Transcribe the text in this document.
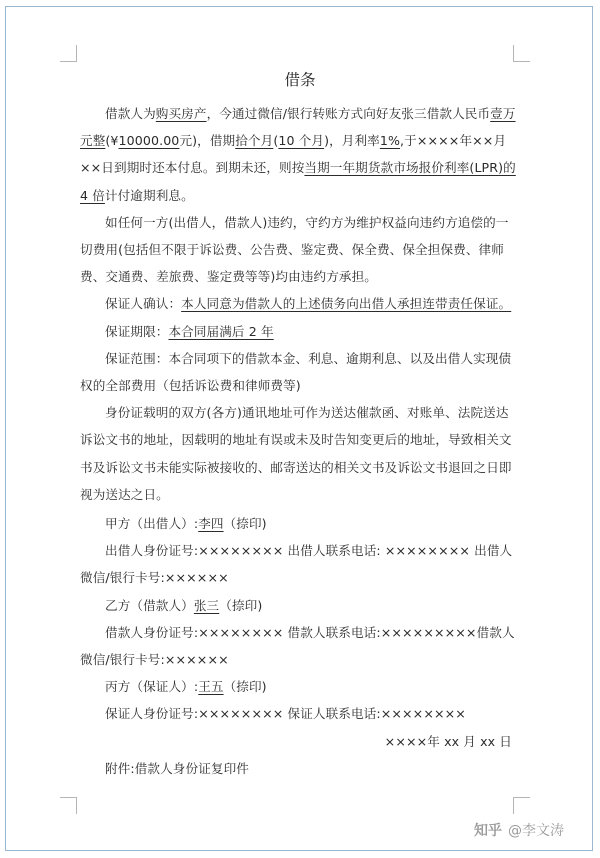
借条

借款人为购买房产，今通过微信/银行转账方式向好友张三借款人民币壹万元整(¥10000.00元)，借期拾个月(10 个月)，月利率1%,于××××年××月××日到期时还本付息。到期未还，则按当期一年期货款市场报价利率(LPR)的 4 倍计付逾期利息。

如任何一方(出借人，借款人)违约，守约方为维护权益向违约方追偿的一切费用(包括但不限于诉讼费、公告费、鉴定费、保全费、保全担保费、律师费、交通费、差旅费、鉴定费等等)均由违约方承担。

保证人确认：本人同意为借款人的上述债务向出借人承担连带责任保证。

保证期限：本合同届满后 2 年

保证范围：本合同项下的借款本金、利息、逾期利息、以及出借人实现债权的全部费用（包括诉讼费和律师费等)

身份证载明的双方(各方)通讯地址可作为送达催款函、对账单、法院送达诉讼文书的地址，因载明的地址有误或未及时告知变更后的地址，导致相关文书及诉讼文书未能实际被接收的、邮寄送达的相关文书及诉讼文书退回之日即视为送达之日。

甲方（出借人）:李四（捺印)

出借人身份证号:×××××××× 出借人联系电话: ×××××××× 出借人微信/银行卡号:××××××

乙方（借款人）张三（捺印)

借款人身份证号:×××××××× 借款人联系电话:×××××××××借款人微信/银行卡号:××××××

丙方（保证人）:王五（捺印)

保证人身份证号:×××××××× 保证人联系电话:××××××××

××××年 xx 月 xx 日

附件:借款人身份证复印件

知乎 @李文涛
